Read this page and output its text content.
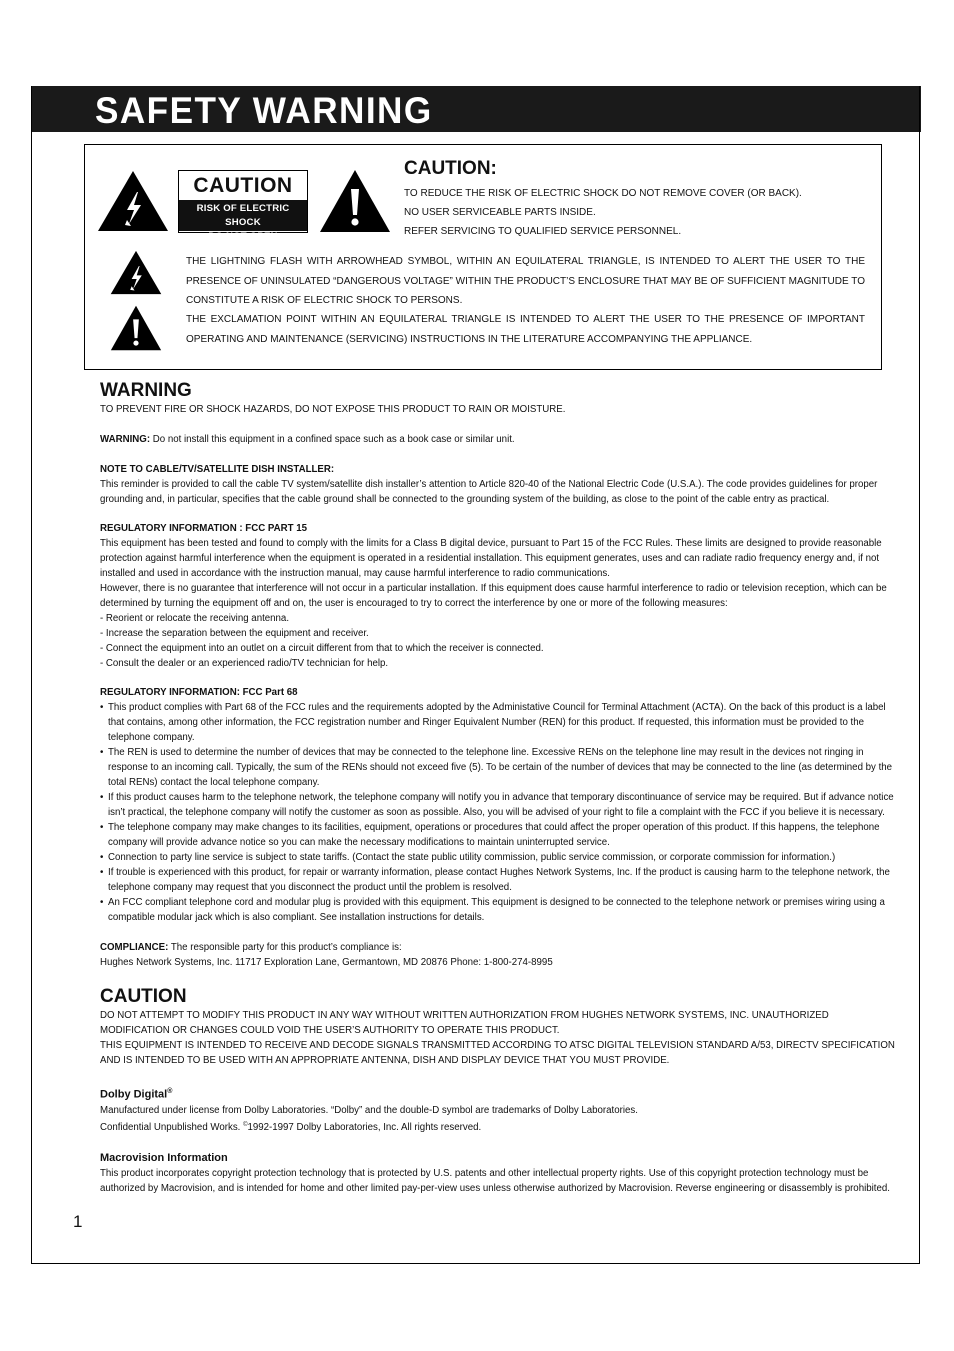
SAFETY WARNING
CAUTION
RISK OF ELECTRIC SHOCK
DO NOT OPEN
CAUTION:
TO REDUCE THE RISK OF ELECTRIC SHOCK DO NOT REMOVE COVER (OR BACK).
NO USER SERVICEABLE PARTS INSIDE.
REFER SERVICING TO QUALIFIED SERVICE PERSONNEL.
THE LIGHTNING FLASH WITH ARROWHEAD SYMBOL, WITHIN AN EQUILATERAL TRIANGLE, IS INTENDED TO ALERT THE USER TO THE PRESENCE OF UNINSULATED “DANGEROUS VOLTAGE” WITHIN THE PRODUCT’S ENCLOSURE THAT MAY BE OF SUFFICIENT MAGNITUDE TO CONSTITUTE A RISK OF ELECTRIC SHOCK TO PERSONS.
THE EXCLAMATION POINT WITHIN AN EQUILATERAL TRIANGLE IS INTENDED TO ALERT THE USER TO THE PRESENCE OF IMPORTANT OPERATING AND MAINTENANCE (SERVICING) INSTRUCTIONS IN THE LITERATURE ACCOMPANYING THE APPLIANCE.
WARNING
TO PREVENT FIRE OR SHOCK HAZARDS, DO NOT EXPOSE THIS PRODUCT TO RAIN OR MOISTURE.
WARNING: Do not install this equipment in a confined space such as a book case or similar unit.
NOTE TO CABLE/TV/SATELLITE DISH INSTALLER:
This reminder is provided to call the cable TV system/satellite dish installer’s attention to Article 820-40 of the National Electric Code (U.S.A.). The code provides guidelines for proper grounding and, in particular, specifies that the cable ground shall be connected to the grounding system of the building, as close to the point of the cable entry as practical.
REGULATORY INFORMATION : FCC PART 15
This equipment has been tested and found to comply with the limits for a Class B digital device, pursuant to Part 15 of the FCC Rules. These limits are designed to provide reasonable protection against harmful interference when the equipment is operated in a residential installation. This equipment generates, uses and can radiate radio frequency energy and, if not installed and used in accordance with the instruction manual, may cause harmful interference to radio communications.
However, there is no guarantee that interference will not occur in a particular installation. If this equipment does cause harmful interference to radio or television reception, which can be determined by turning the equipment off and on, the user is encouraged to try to correct the interference by one or more of the following measures:
- Reorient or relocate the receiving antenna.
- Increase the separation between the equipment and receiver.
- Connect the equipment into an outlet on a circuit different from that to which the receiver is connected.
- Consult the dealer or an experienced radio/TV technician for help.
REGULATORY INFORMATION: FCC Part 68
• This product complies with Part 68 of the FCC rules and the requirements adopted by the Administative Council for Terminal Attachment (ACTA). On the back of this product is a label that contains, among other information, the FCC registration number and Ringer Equivalent Number (REN) for this product. If requested, this information must be provided to the telephone company.
• The REN is used to determine the number of devices that may be connected to the telephone line. Excessive RENs on the telephone line may result in the devices not ringing in response to an incoming call. Typically, the sum of the RENs should not exceed five (5). To be certain of the number of devices that may be connected to the line (as determined by the total RENs) contact the local telephone company.
• If this product causes harm to the telephone network, the telephone company will notify you in advance that temporary discontinuance of service may be required. But if advance notice isn’t practical, the telephone company will notify the customer as soon as possible. Also, you will be advised of your right to file a complaint with the FCC if you believe it is necessary.
• The telephone company may make changes to its facilities, equipment, operations or procedures that could affect the proper operation of this product. If this happens, the telephone company will provide advance notice so you can make the necessary modifications to maintain uninterrupted service.
• Connection to party line service is subject to state tariffs. (Contact the state public utility commission, public service commission, or corporate commission for information.)
• If trouble is experienced with this product, for repair or warranty information, please contact Hughes Network Systems, Inc. If the product is causing harm to the telephone network, the telephone company may request that you disconnect the product until the problem is resolved.
• An FCC compliant telephone cord and modular plug is provided with this equipment. This equipment is designed to be connected to the telephone network or premises wiring using a compatible modular jack which is also compliant. See installation instructions for details.
COMPLIANCE: The responsible party for this product’s compliance is:
Hughes Network Systems, Inc. 11717 Exploration Lane, Germantown, MD 20876 Phone: 1-800-274-8995
CAUTION
DO NOT ATTEMPT TO MODIFY THIS PRODUCT IN ANY WAY WITHOUT WRITTEN AUTHORIZATION FROM HUGHES NETWORK SYSTEMS, INC. UNAUTHORIZED MODIFICATION OR CHANGES COULD VOID THE USER’S AUTHORITY TO OPERATE THIS PRODUCT.
THIS EQUIPMENT IS INTENDED TO RECEIVE AND DECODE SIGNALS TRANSMITTED ACCORDING TO ATSC DIGITAL TELEVISION STANDARD A/53, DIRECTV SPECIFICATION AND IS INTENDED TO BE USED WITH AN APPROPRIATE ANTENNA, DISH AND DISPLAY DEVICE THAT YOU MUST PROVIDE.
Dolby Digital®
Manufactured under license from Dolby Laboratories. “Dolby” and the double-D symbol are trademarks of Dolby Laboratories.
Confidential Unpublished Works. ©1992-1997 Dolby Laboratories, Inc. All rights reserved.
Macrovision Information
This product incorporates copyright protection technology that is protected by U.S. patents and other intellectual property rights. Use of this copyright protection technology must be authorized by Macrovision, and is intended for home and other limited pay-per-view uses unless otherwise authorized by Macrovision. Reverse engineering or disassembly is prohibited.
1
